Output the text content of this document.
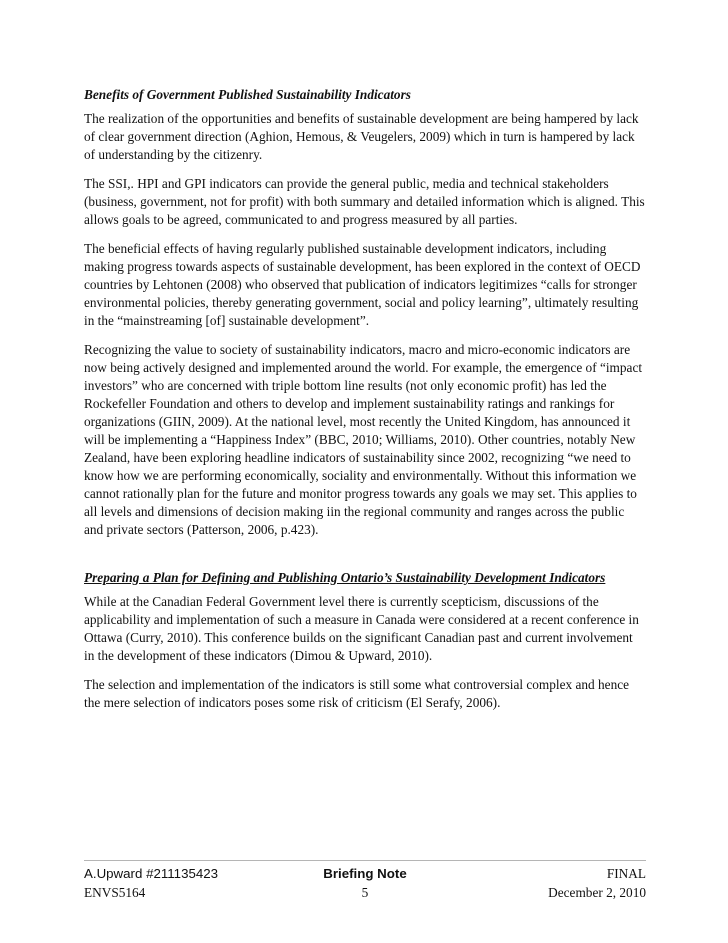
Benefits of Government Published Sustainability Indicators

The realization of the opportunities and benefits of sustainable development are being hampered by lack of clear government direction (Aghion, Hemous, & Veugelers, 2009) which in turn is hampered by lack of understanding by the citizenry.

The SSI,. HPI and GPI indicators can provide the general public, media and technical stakeholders (business, government, not for profit) with both summary and detailed information which is aligned. This allows goals to be agreed, communicated to and progress measured by all parties.

The beneficial effects of having regularly published sustainable development indicators, including making progress towards aspects of sustainable development, has been explored in the context of OECD countries by Lehtonen (2008) who observed that publication of indicators legitimizes “calls for stronger environmental policies, thereby generating government, social and policy learning”, ultimately resulting in the “mainstreaming [of] sustainable development”.

Recognizing the value to society of sustainability indicators, macro and micro-economic indicators are now being actively designed and implemented around the world. For example, the emergence of “impact investors” who are concerned with triple bottom line results (not only economic profit) has led the Rockefeller Foundation and others to develop and implement sustainability ratings and rankings for organizations (GIIN, 2009). At the national level, most recently the United Kingdom, has announced it will be implementing a “Happiness Index” (BBC, 2010; Williams, 2010). Other countries, notably New Zealand, have been exploring headline indicators of sustainability since 2002, recognizing “we need to know how we are performing economically, sociality and environmentally. Without this information we cannot rationally plan for the future and monitor progress towards any goals we may set. This applies to all levels and dimensions of decision making iin the regional community and ranges across the public and private sectors (Patterson, 2006, p.423).

Preparing a Plan for Defining and Publishing Ontario’s Sustainability Development Indicators

While at the Canadian Federal Government level there is currently scepticism, discussions of the applicability and implementation of such a measure in Canada were considered at a recent conference in Ottawa (Curry, 2010). This conference builds on the significant Canadian past and current involvement in the development of these indicators (Dimou & Upward, 2010).

The selection and implementation of the indicators is still some what controversial complex and hence the mere selection of indicators poses some risk of criticism (El Serafy, 2006).

A.Upward #211135423	Briefing Note	FINAL
ENVS5164	5	December 2, 2010
